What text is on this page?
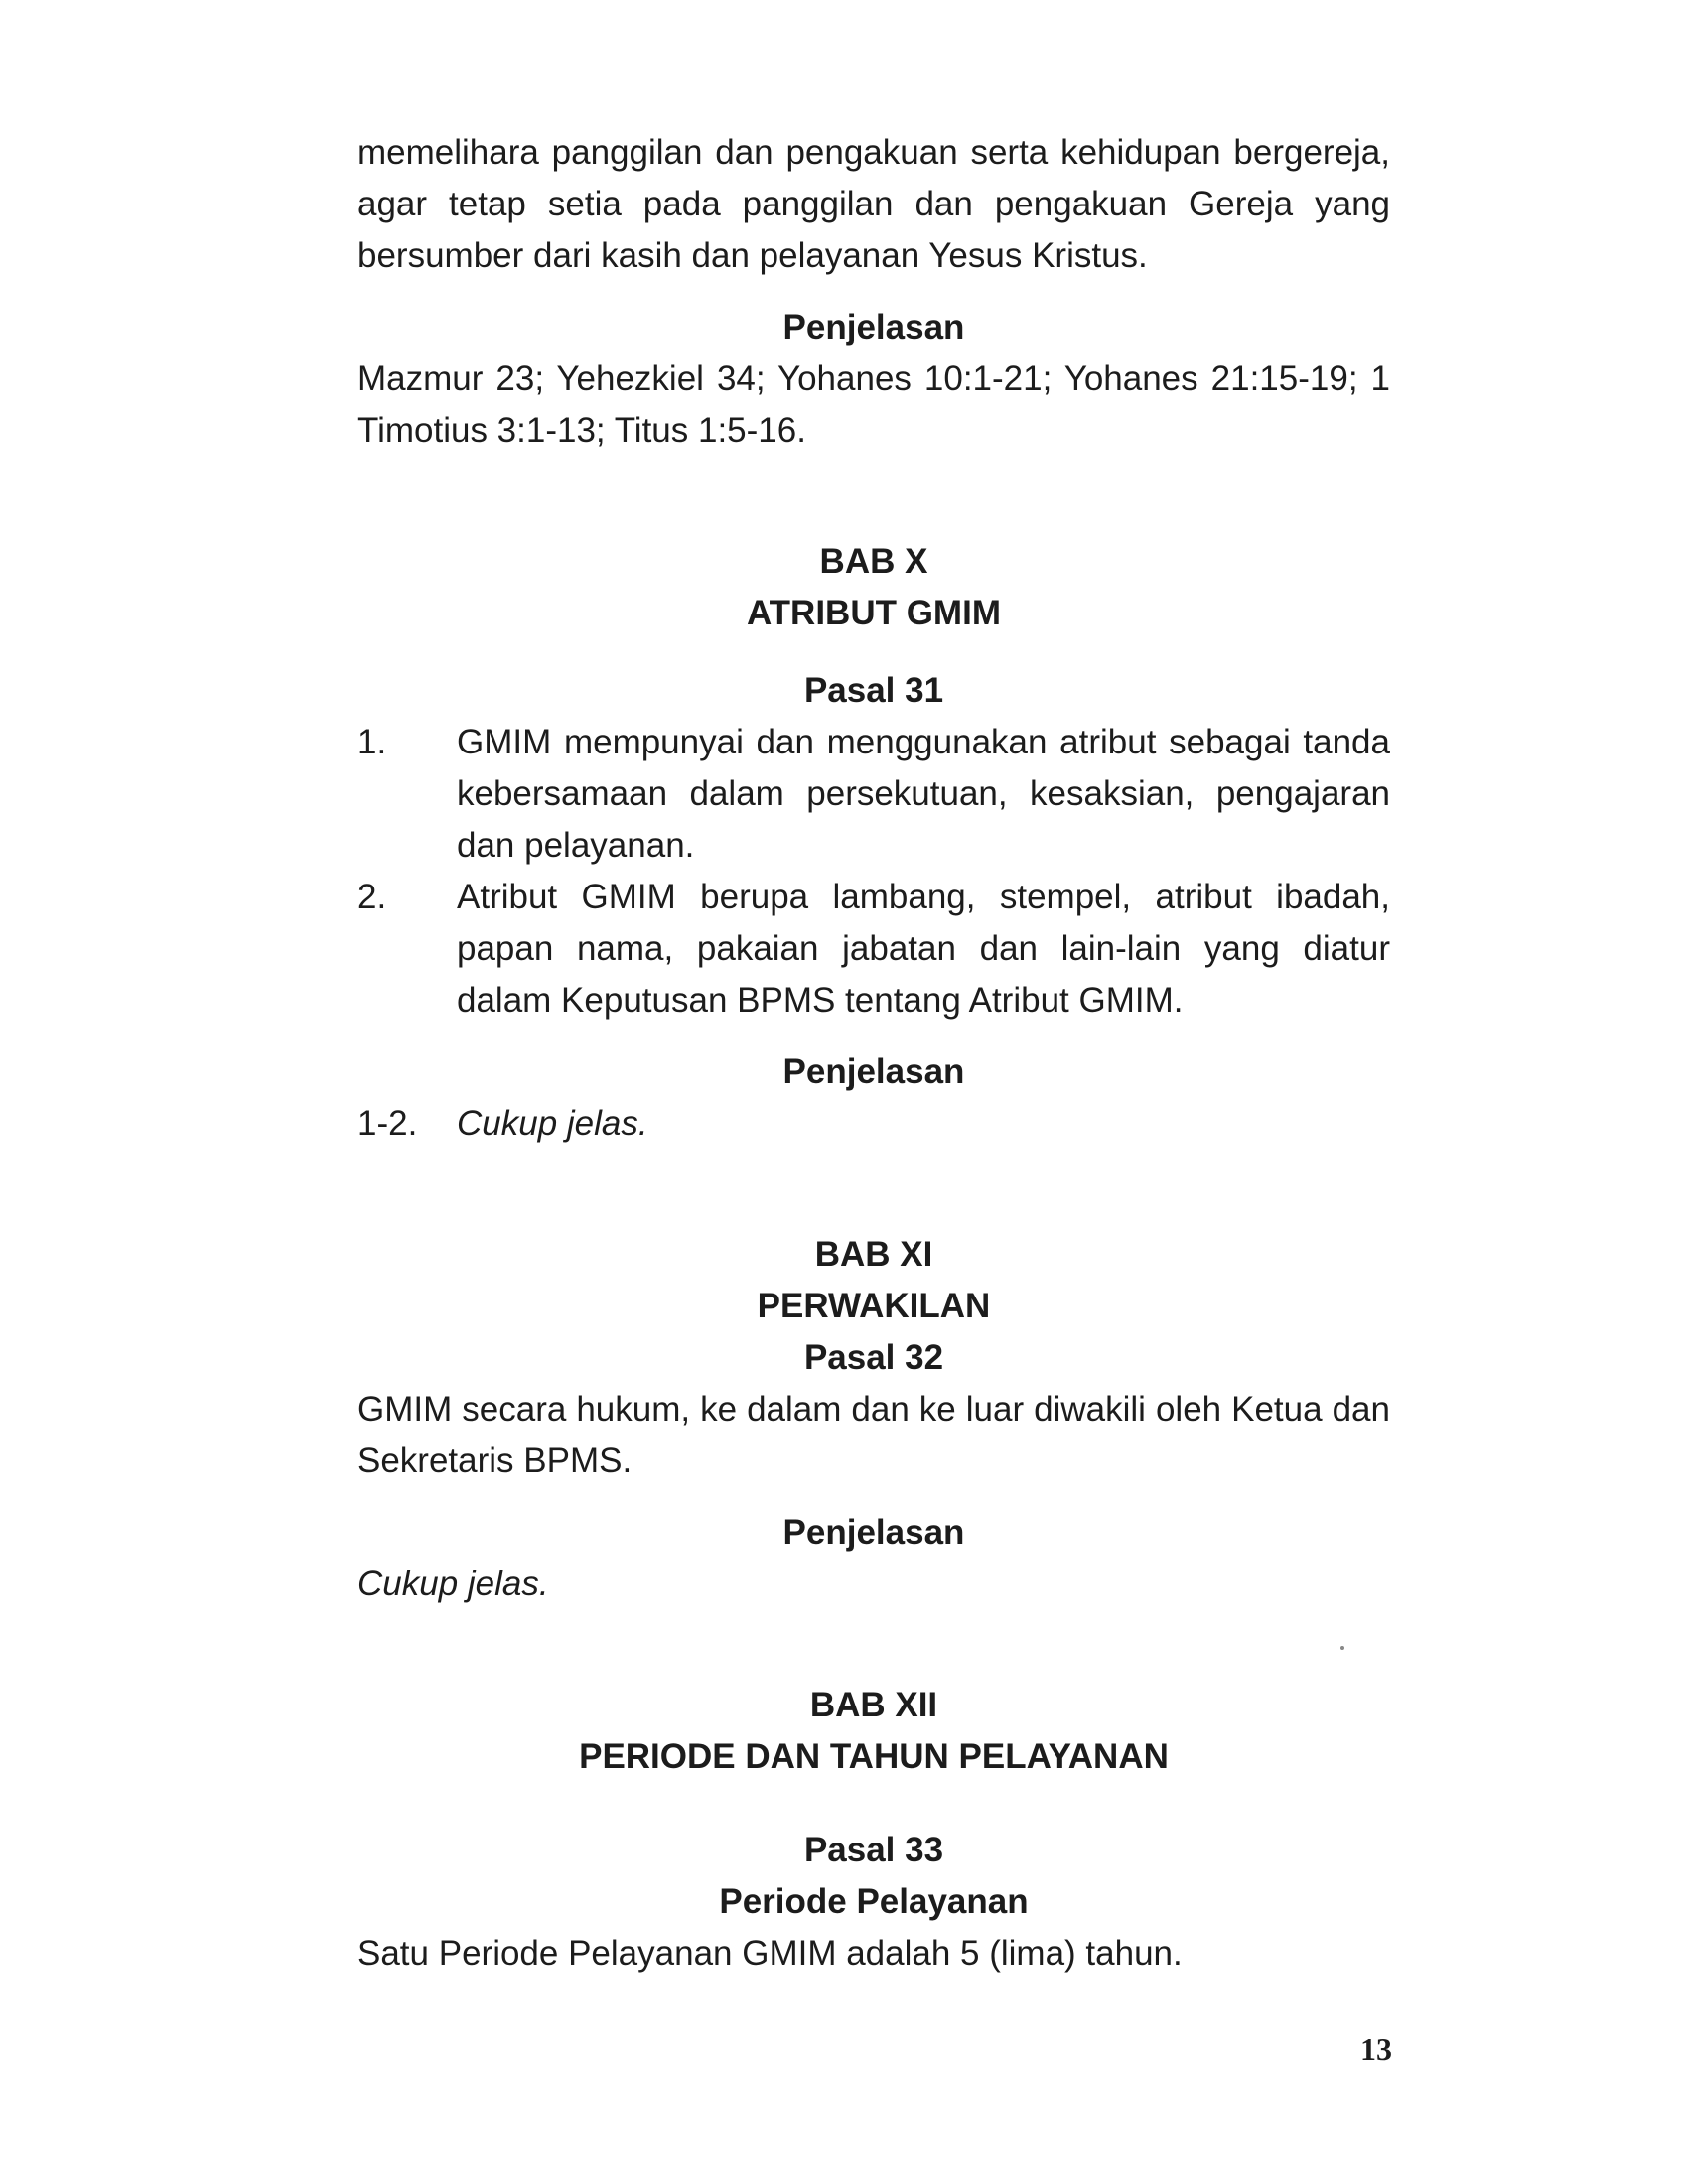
memelihara panggilan dan pengakuan serta kehidupan bergereja, agar tetap setia pada panggilan dan pengakuan Gereja yang bersumber dari kasih dan pelayanan Yesus Kristus.

Penjelasan

Mazmur 23; Yehezkiel 34; Yohanes 10:1-21; Yohanes 21:15-19; 1 Timotius 3:1-13; Titus 1:5-16.

BAB X

ATRIBUT GMIM

Pasal 31

1.	GMIM mempunyai dan menggunakan atribut sebagai tanda kebersamaan dalam persekutuan, kesaksian, pengajaran dan pelayanan.
2.	Atribut GMIM berupa lambang, stempel, atribut ibadah, papan nama, pakaian jabatan dan lain-lain yang diatur dalam Keputusan BPMS tentang Atribut GMIM.

Penjelasan

1-2.	Cukup jelas.

BAB XI

PERWAKILAN

Pasal 32

GMIM secara hukum, ke dalam dan ke luar diwakili oleh Ketua dan Sekretaris BPMS.

Penjelasan

Cukup jelas.

BAB XII

PERIODE DAN TAHUN PELAYANAN

Pasal 33

Periode Pelayanan

Satu Periode Pelayanan GMIM adalah 5 (lima) tahun.

13
